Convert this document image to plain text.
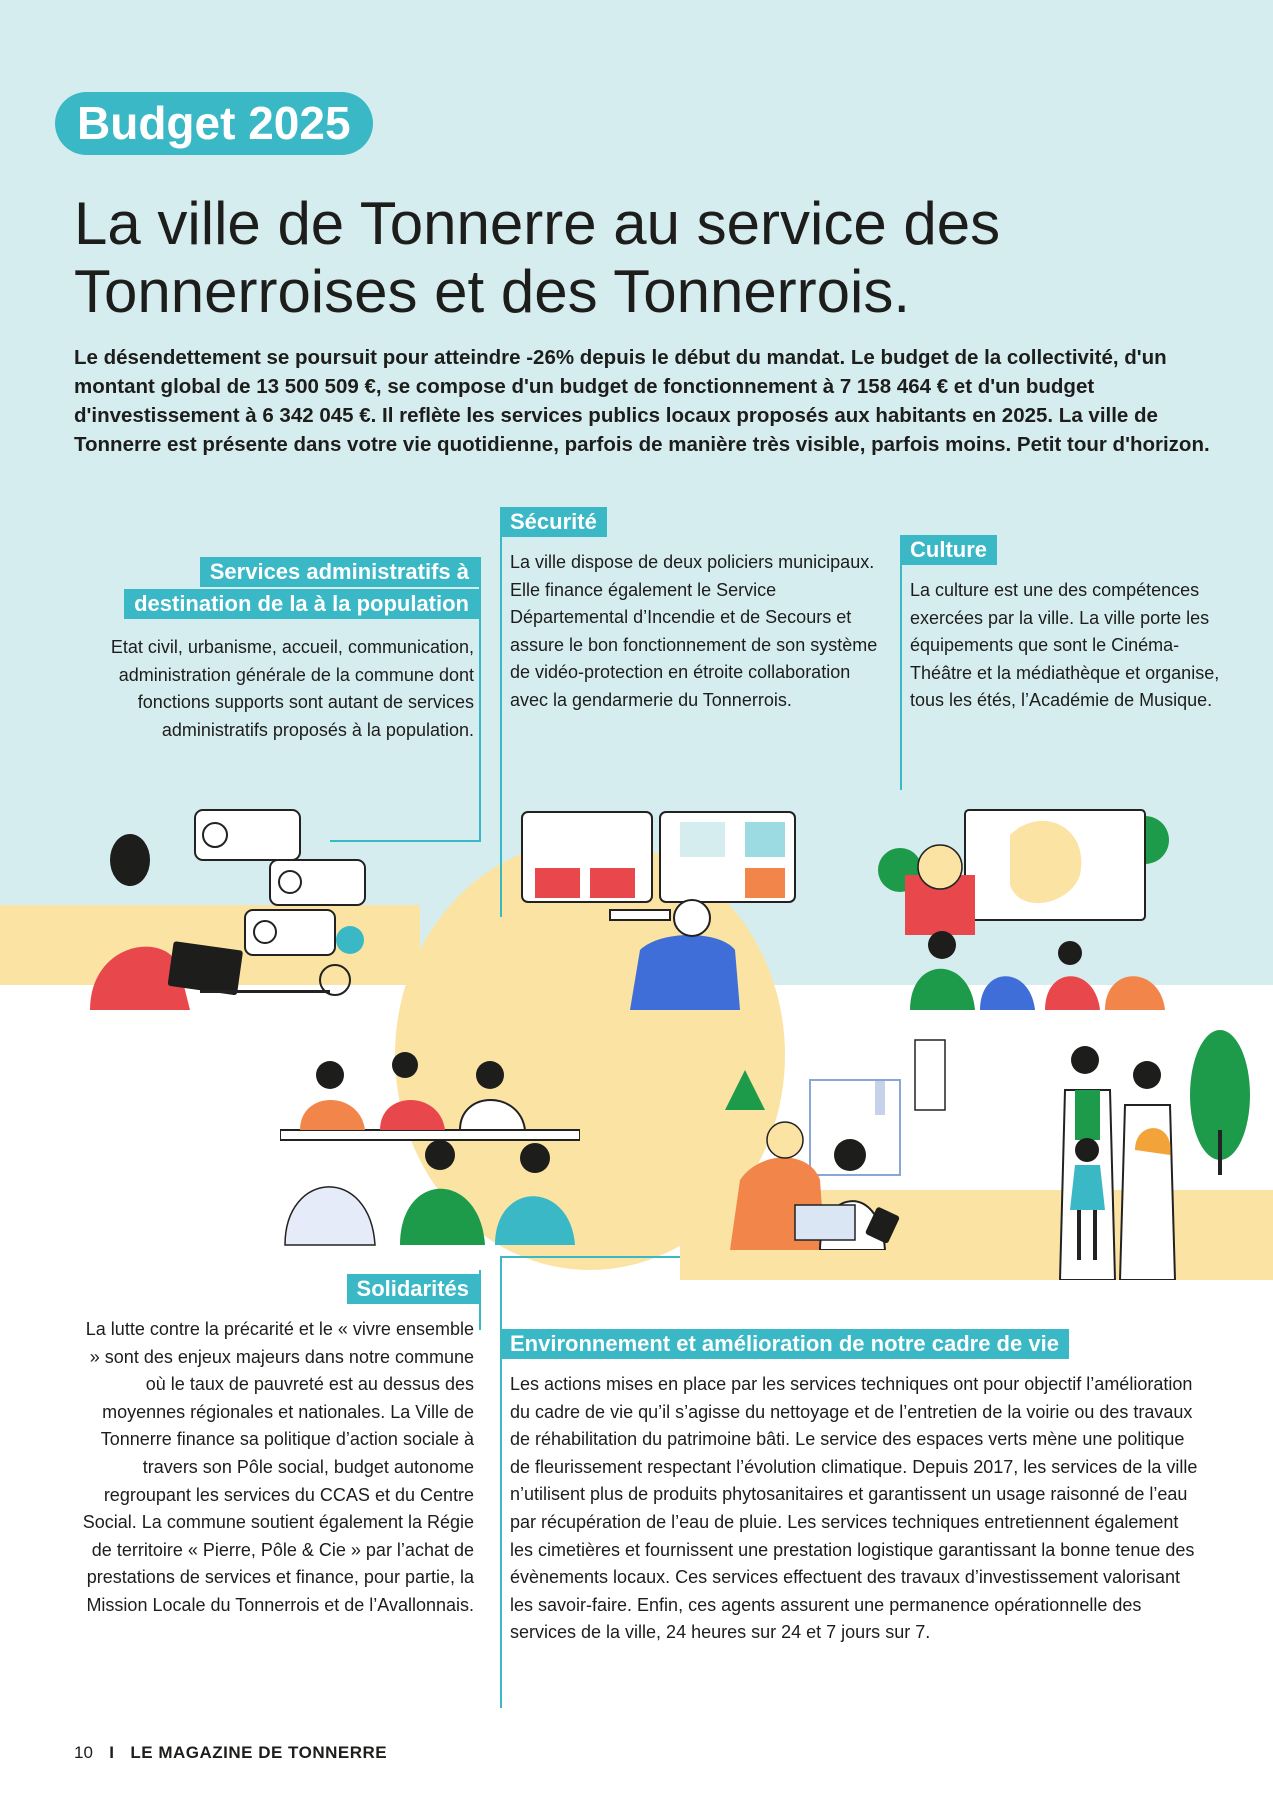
Budget 2025
La ville de Tonnerre au service des Tonnerroises et des Tonnerrois.
Le désendettement se poursuit pour atteindre -26% depuis le début du mandat. Le budget de la collectivité, d'un montant global de 13 500 509 €, se compose d'un budget de fonctionnement à 7 158 464 € et d'un budget d'investissement à 6 342 045 €. Il reflète les services publics locaux proposés aux habitants en 2025. La ville de Tonnerre est présente dans votre vie quotidienne, parfois de manière très visible, parfois moins. Petit tour d'horizon.
Services administratifs à
destination de la à la population
Etat civil, urbanisme, accueil, communication, administration générale de la commune dont fonctions supports sont autant de services administratifs proposés à la population.
Sécurité
La ville dispose de deux policiers municipaux. Elle finance également le Service Départemental d’Incendie et de Secours et assure le bon fonctionnement de son système de vidéo-protection en étroite collaboration avec la gendarmerie du Tonnerrois.
Culture
La culture est une des compétences exercées par la ville. La ville porte les équipements que sont le Cinéma-Théâtre et la médiathèque et organise, tous les étés, l’Académie de Musique.
Solidarités
La lutte contre la précarité et le « vivre ensemble » sont des enjeux majeurs dans notre commune où le taux de pauvreté est au dessus des moyennes régionales et nationales. La Ville de Tonnerre finance sa politique d’action sociale à travers son Pôle social, budget autonome regroupant les services du CCAS et du Centre Social. La commune soutient également la Régie de territoire « Pierre, Pôle & Cie » par l’achat de prestations de services et finance, pour partie, la Mission Locale du Tonnerrois et de l’Avallonnais.
Environnement et amélioration de notre cadre de vie
Les actions mises en place par les services techniques ont pour objectif l’amélioration du cadre de vie qu’il s’agisse du nettoyage et de l’entretien de la voirie ou des travaux de réhabilitation du patrimoine bâti. Le service des espaces verts mène une politique de fleurissement respectant l’évolution climatique. Depuis 2017, les services de la ville n’utilisent plus de produits phytosanitaires et garantissent un usage raisonné de l’eau par récupération de l’eau de pluie. Les services techniques entretiennent également les cimetières et fournissent une prestation logistique garantissant la bonne tenue des évènements locaux. Ces services effectuent des travaux d’investissement valorisant les savoir-faire. Enfin, ces agents assurent une permanence opérationnelle des services de la ville, 24 heures sur 24 et 7 jours sur 7.
10 I LE MAGAZINE DE TONNERRE
